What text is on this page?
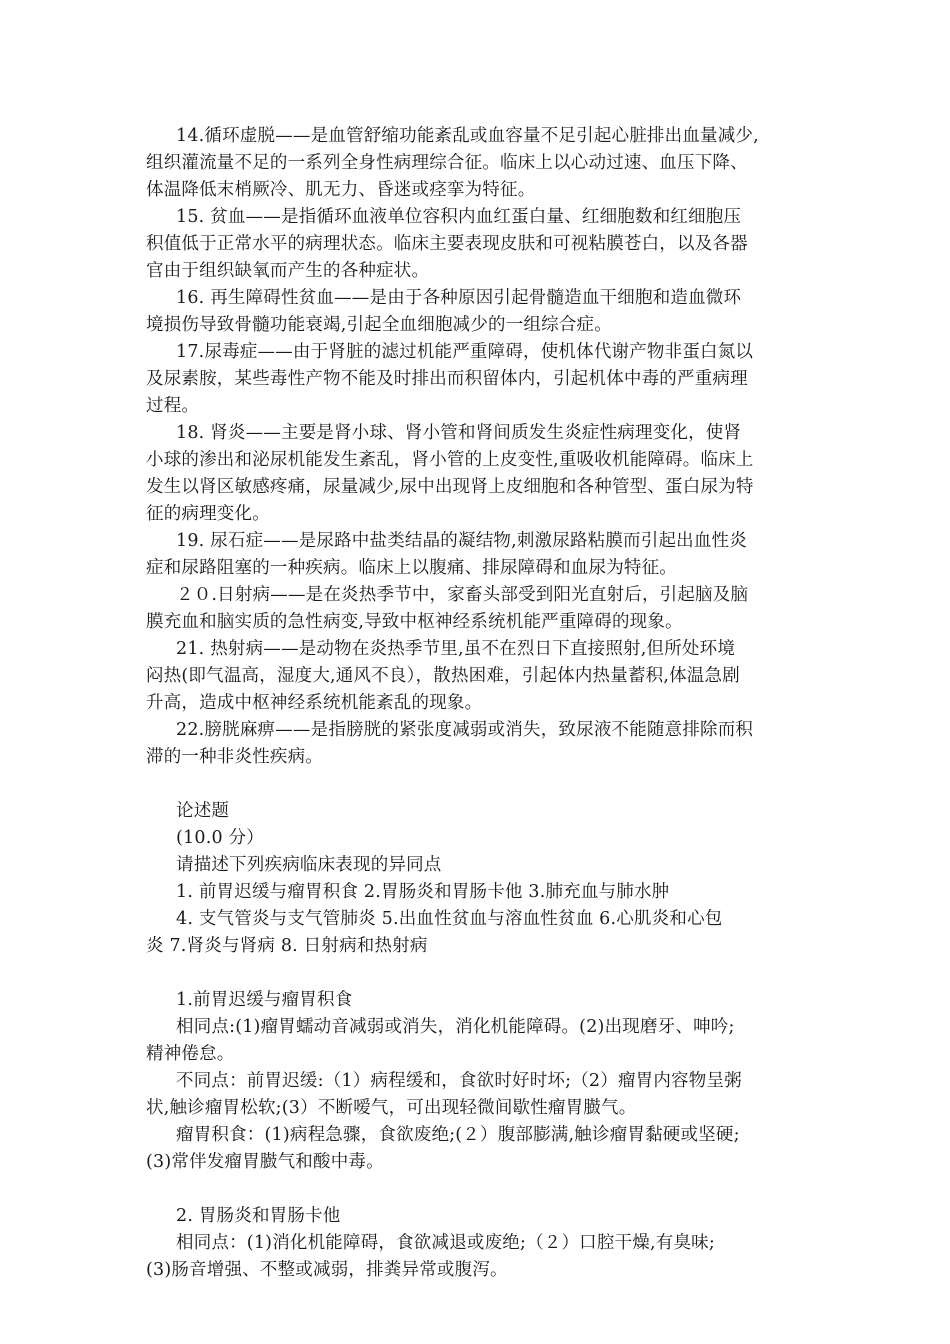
14.循环虚脱——是血管舒缩功能紊乱或血容量不足引起心脏排出血量减少,
组织灌流量不足的一系列全身性病理综合征。临床上以心动过速、血压下降、
体温降低末梢厥冷、肌无力、昏迷或痉挛为特征。
15. 贫血——是指循环血液单位容积内血红蛋白量、红细胞数和红细胞压
积值低于正常水平的病理状态。临床主要表现皮肤和可视粘膜苍白，以及各器
官由于组织缺氧而产生的各种症状。
16. 再生障碍性贫血——是由于各种原因引起骨髓造血干细胞和造血微环
境损伤导致骨髓功能衰竭,引起全血细胞减少的一组综合症。
17.尿毒症——由于肾脏的滤过机能严重障碍，使机体代谢产物非蛋白氮以
及尿素胺，某些毒性产物不能及时排出而积留体内，引起机体中毒的严重病理
过程。
18. 肾炎——主要是肾小球、肾小管和肾间质发生炎症性病理变化，使肾
小球的渗出和泌尿机能发生紊乱，肾小管的上皮变性,重吸收机能障碍。临床上
发生以肾区敏感疼痛，尿量减少,尿中出现肾上皮细胞和各种管型、蛋白尿为特
征的病理变化。
19. 尿石症——是尿路中盐类结晶的凝结物,刺激尿路粘膜而引起出血性炎
症和尿路阻塞的一种疾病。临床上以腹痛、排尿障碍和血尿为特征。
２０.日射病——是在炎热季节中，家畜头部受到阳光直射后，引起脑及脑
膜充血和脑实质的急性病变,导致中枢神经系统机能严重障碍的现象。
21. 热射病——是动物在炎热季节里,虽不在烈日下直接照射,但所处环境
闷热(即气温高，湿度大,通风不良），散热困难，引起体内热量蓄积,体温急剧
升高，造成中枢神经系统机能紊乱的现象。
22.膀胱麻痹——是指膀胱的紧张度减弱或消失，致尿液不能随意排除而积
滞的一种非炎性疾病。
论述题
(10.0 分）
请描述下列疾病临床表现的异同点
1. 前胃迟缓与瘤胃积食 2.胃肠炎和胃肠卡他 3.肺充血与肺水肿
4. 支气管炎与支气管肺炎 5.出血性贫血与溶血性贫血 6.心肌炎和心包
炎 7.肾炎与肾病 8. 日射病和热射病
1.前胃迟缓与瘤胃积食
相同点:(1)瘤胃蠕动音减弱或消失，消化机能障碍。(2)出现磨牙、呻吟;
精神倦怠。
不同点：前胃迟缓:（1）病程缓和，食欲时好时坏;（2）瘤胃内容物呈粥
状,触诊瘤胃松软;(3）不断嗳气，可出现轻微间歇性瘤胃臌气。
瘤胃积食：(1)病程急骤，食欲废绝;(２）腹部膨满,触诊瘤胃黏硬或坚硬;
(3)常伴发瘤胃臌气和酸中毒。
2. 胃肠炎和胃肠卡他
相同点：(1)消化机能障碍，食欲减退或废绝;（２）口腔干燥,有臭味;
(3)肠音增强、不整或减弱，排粪异常或腹泻。
